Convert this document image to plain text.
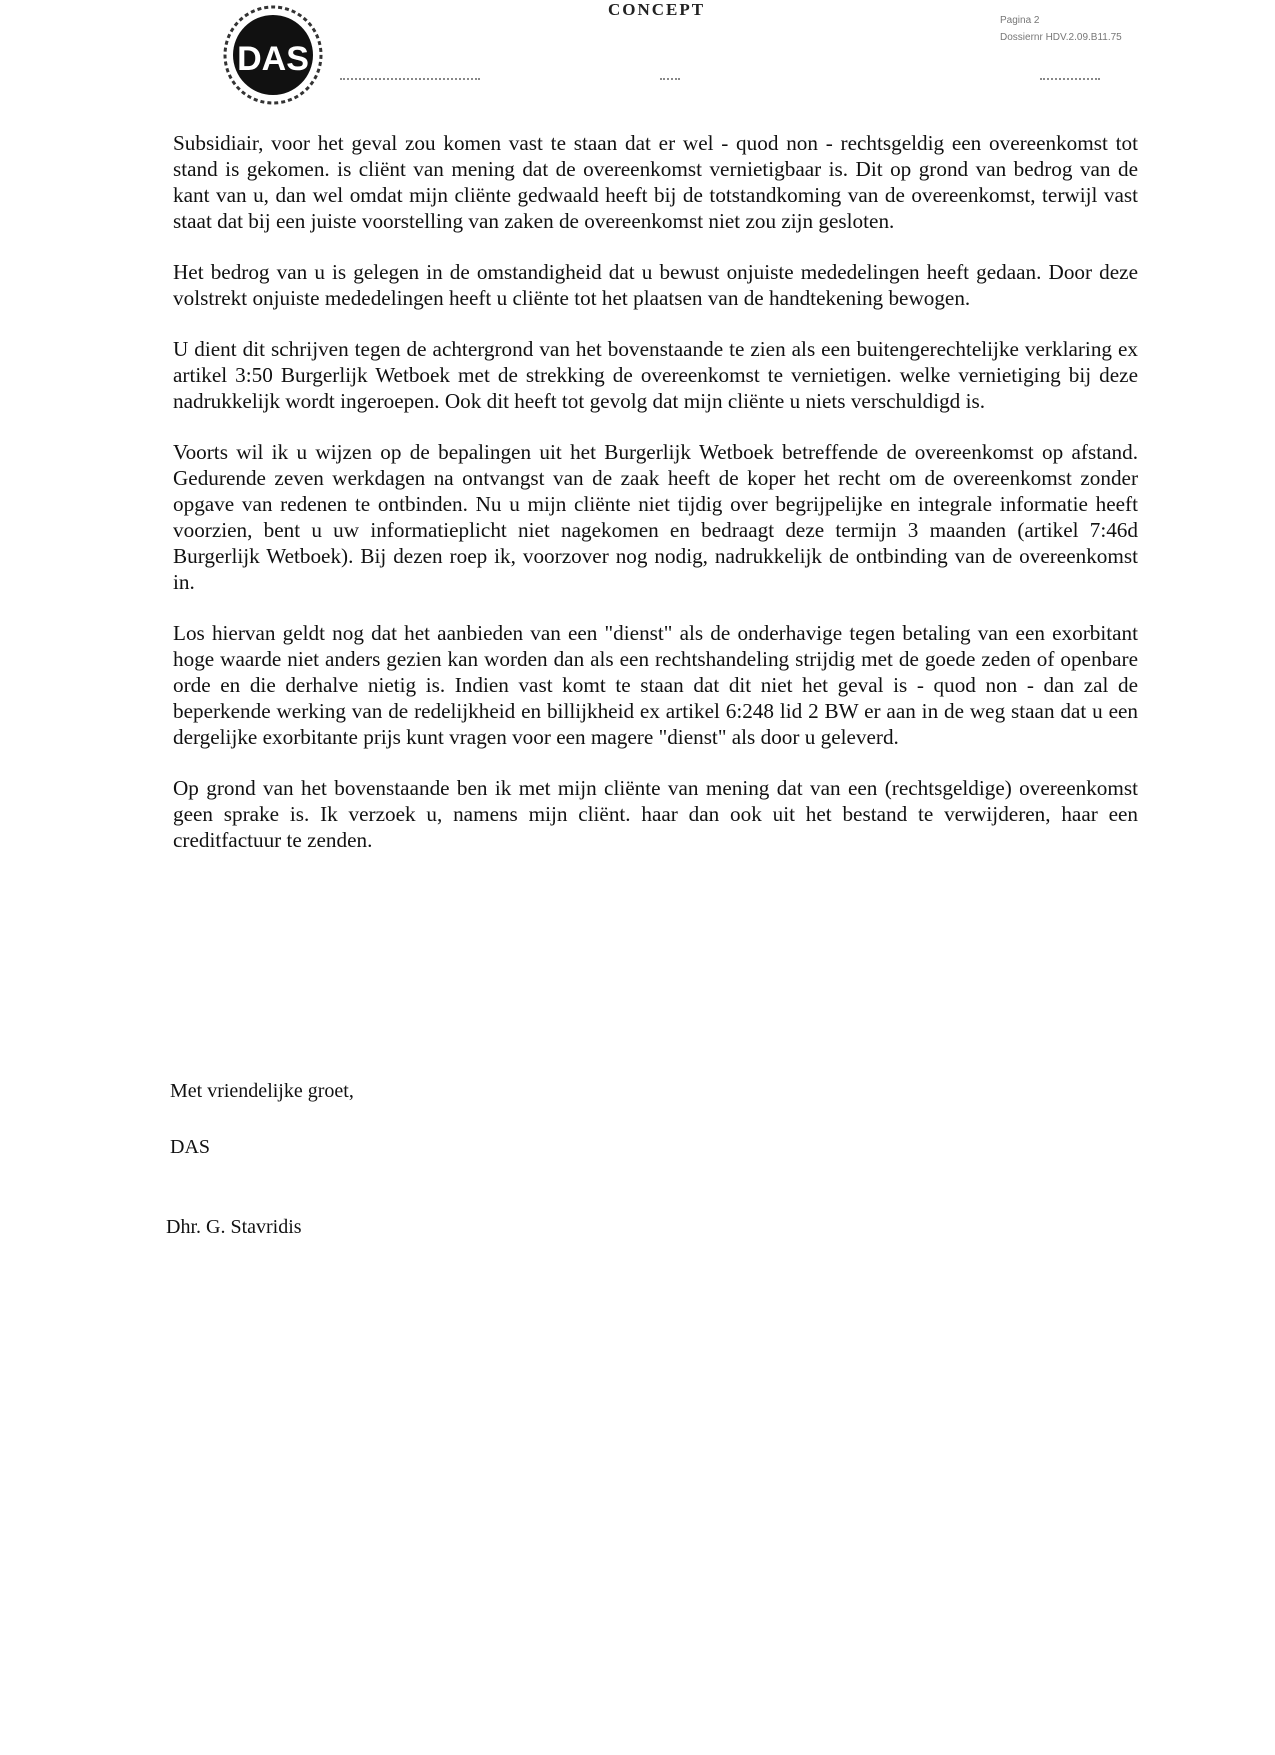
DAS
CONCEPT
Pagina 2
Dossiernr HDV.2.09.B11.75

Subsidiair, voor het geval zou komen vast te staan dat er wel - quod non - rechtsgeldig een overeenkomst tot stand is gekomen. is cliënt van mening dat de overeenkomst vernietigbaar is. Dit op grond van bedrog van de kant van u, dan wel omdat mijn cliënte gedwaald heeft bij de totstandkoming van de overeenkomst, terwijl vast staat dat bij een juiste voorstelling van zaken de overeenkomst niet zou zijn gesloten.

Het bedrog van u is gelegen in de omstandigheid dat u bewust onjuiste mededelingen heeft gedaan. Door deze volstrekt onjuiste mededelingen heeft u cliënte tot het plaatsen van de handtekening bewogen.

U dient dit schrijven tegen de achtergrond van het bovenstaande te zien als een buitengerechtelijke verklaring ex artikel 3:50 Burgerlijk Wetboek met de strekking de overeenkomst te vernietigen. welke vernietiging bij deze nadrukkelijk wordt ingeroepen. Ook dit heeft tot gevolg dat mijn cliënte u niets verschuldigd is.

Voorts wil ik u wijzen op de bepalingen uit het Burgerlijk Wetboek betreffende de overeenkomst op afstand. Gedurende zeven werkdagen na ontvangst van de zaak heeft de koper het recht om de overeenkomst zonder opgave van redenen te ontbinden. Nu u mijn cliënte niet tijdig over begrijpelijke en integrale informatie heeft voorzien, bent u uw informatieplicht niet nagekomen en bedraagt deze termijn 3 maanden (artikel 7:46d Burgerlijk Wetboek). Bij dezen roep ik, voorzover nog nodig, nadrukkelijk de ontbinding van de overeenkomst in.

Los hiervan geldt nog dat het aanbieden van een "dienst" als de onderhavige tegen betaling van een exorbitant hoge waarde niet anders gezien kan worden dan als een rechtshandeling strijdig met de goede zeden of openbare orde en die derhalve nietig is. Indien vast komt te staan dat dit niet het geval is - quod non - dan zal de beperkende werking van de redelijkheid en billijkheid ex artikel 6:248 lid 2 BW er aan in de weg staan dat u een dergelijke exorbitante prijs kunt vragen voor een magere "dienst" als door u geleverd.

Op grond van het bovenstaande ben ik met mijn cliënte van mening dat van een (rechtsgeldige) overeenkomst geen sprake is. Ik verzoek u, namens mijn cliënt. haar dan ook uit het bestand te verwijderen, haar een creditfactuur te zenden.

Met vriendelijke groet,
DAS
Dhr. G. Stavridis
